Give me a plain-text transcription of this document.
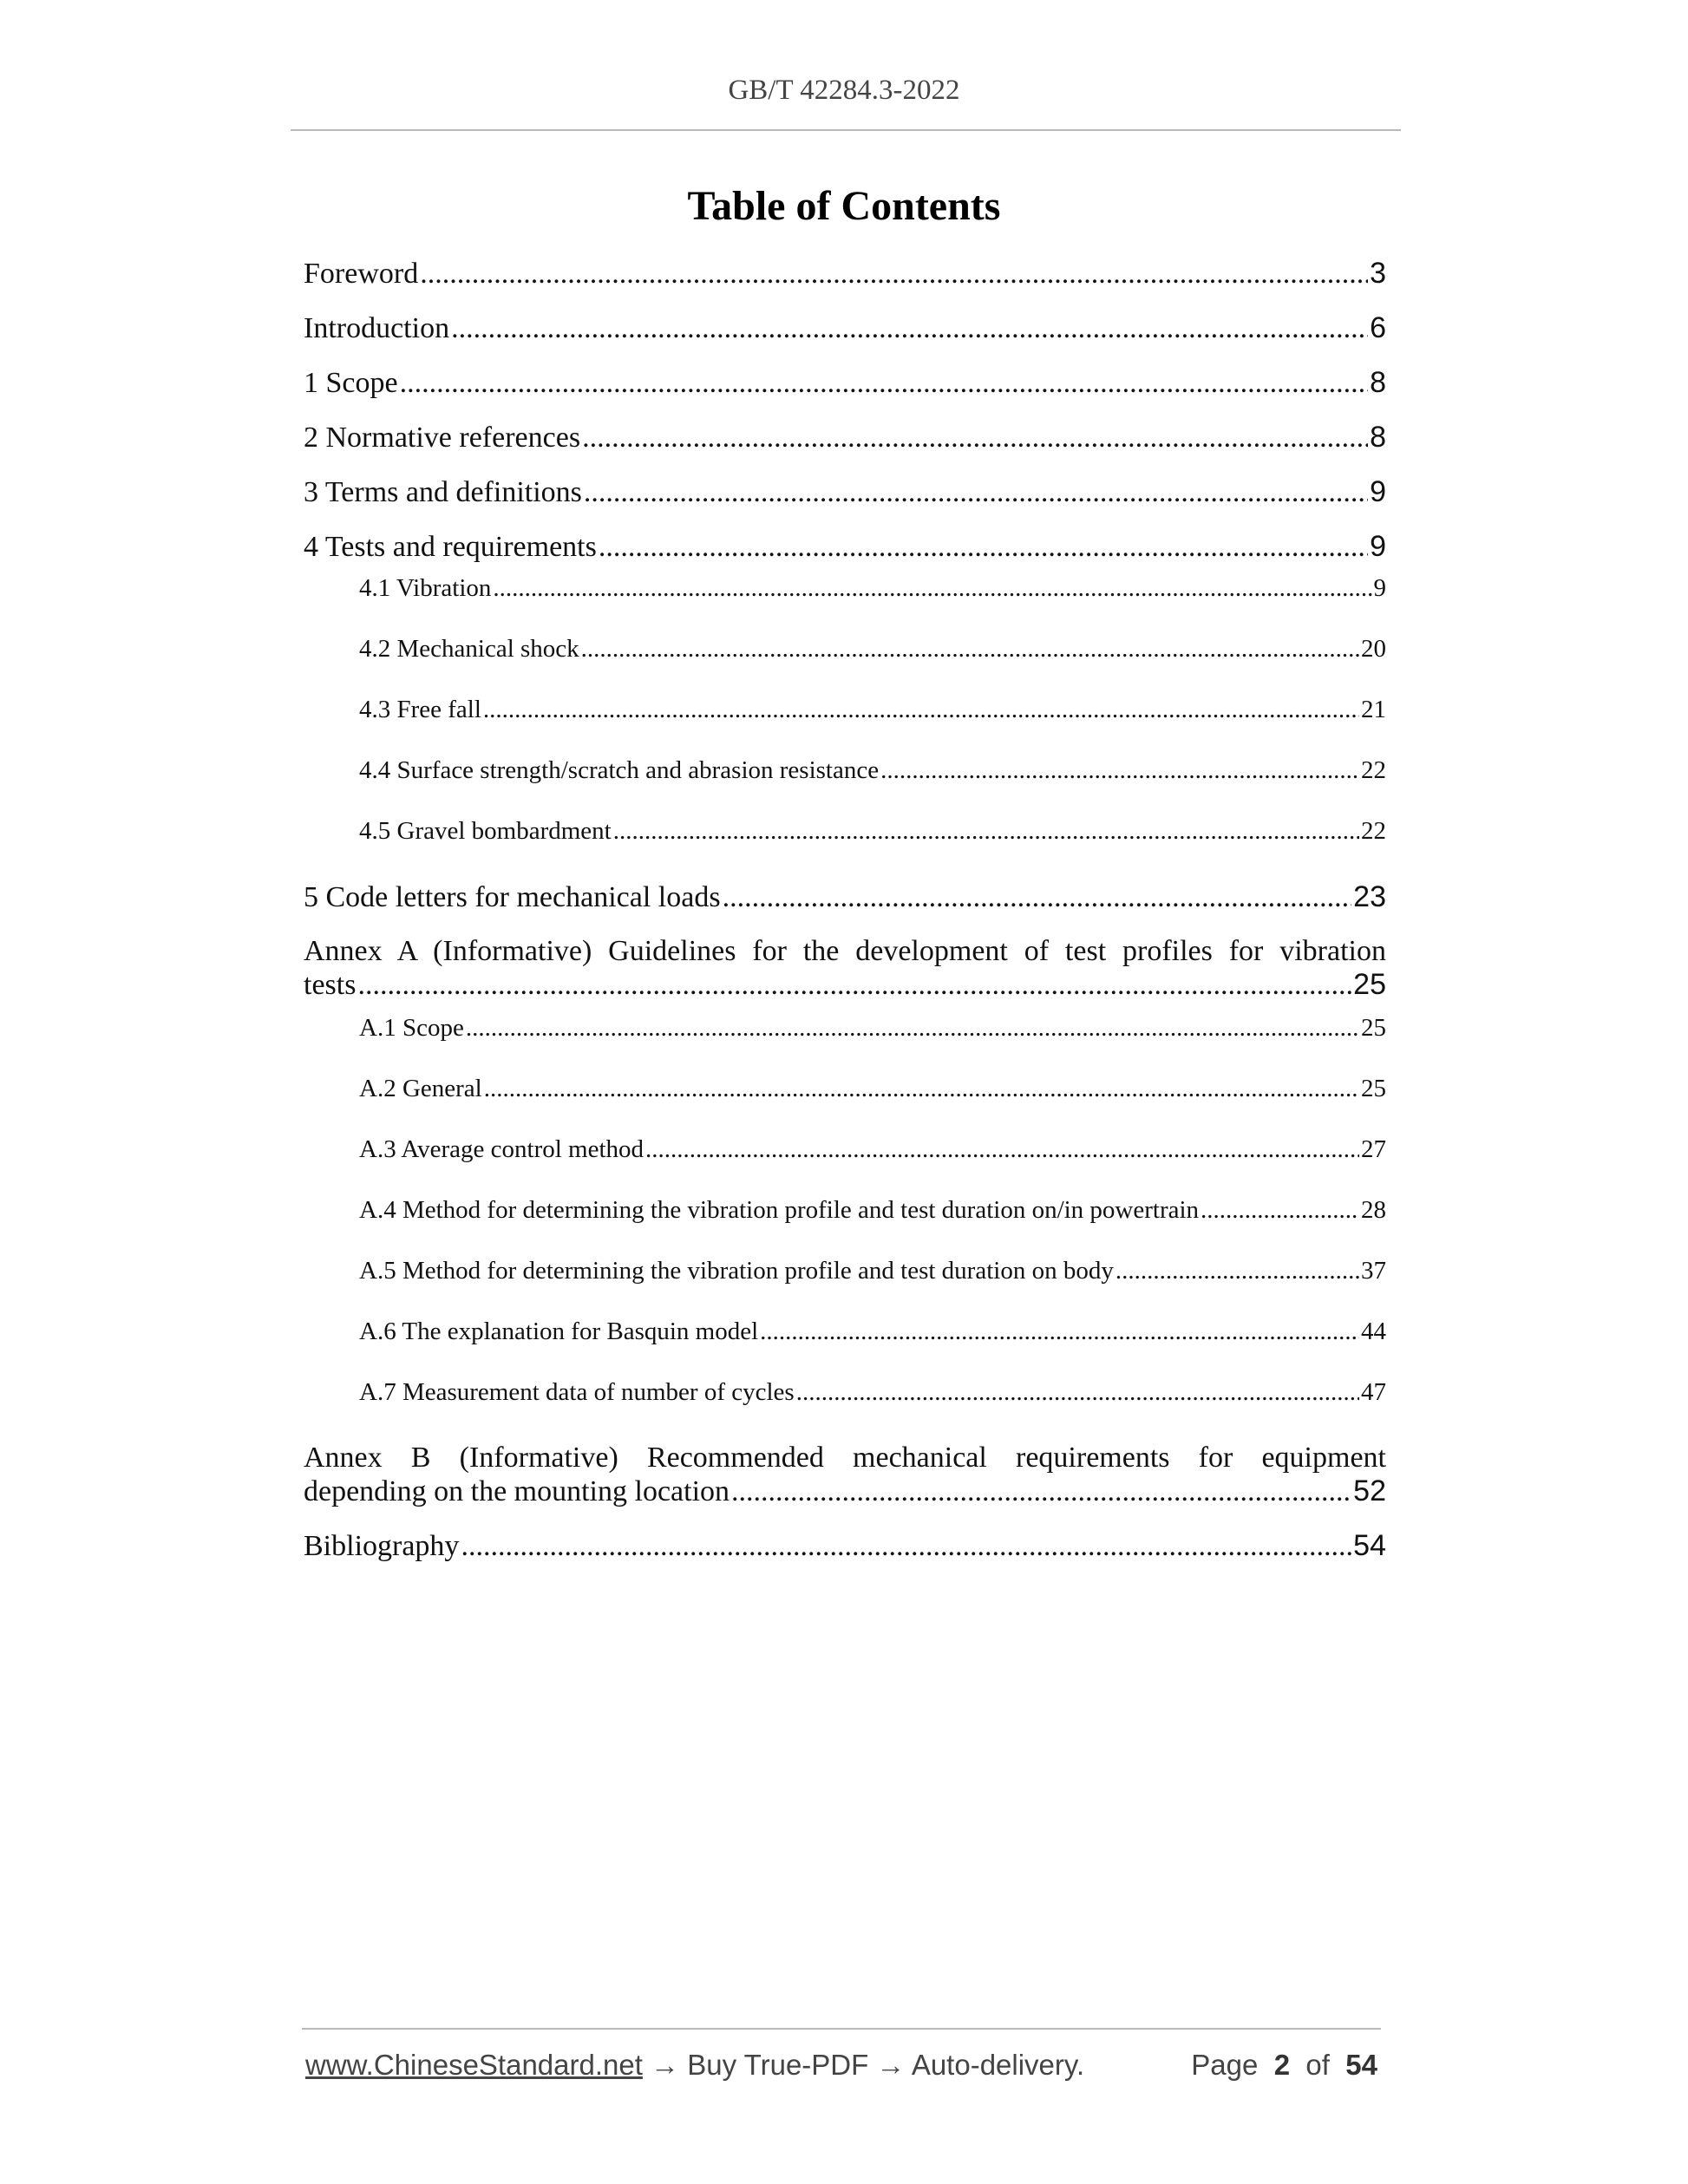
GB/T 42284.3-2022
Table of Contents
Foreword .....	3
Introduction .....	6
1 Scope .....	8
2 Normative references .....	8
3 Terms and definitions .....	9
4 Tests and requirements .....	9
4.1 Vibration .....	9
4.2 Mechanical shock .....	20
4.3 Free fall .....	21
4.4 Surface strength/scratch and abrasion resistance .....	22
4.5 Gravel bombardment .....	22
5 Code letters for mechanical loads .....	23
Annex A (Informative) Guidelines for the development of test profiles for vibration
tests .....	25
A.1 Scope .....	25
A.2 General .....	25
A.3 Average control method .....	27
A.4 Method for determining the vibration profile and test duration on/in powertrain .....	28
A.5 Method for determining the vibration profile and test duration on body .....	37
A.6 The explanation for Basquin model .....	44
A.7 Measurement data of number of cycles .....	47
Annex B (Informative) Recommended mechanical requirements for equipment
depending on the mounting location .....	52
Bibliography .....	54
www.ChineseStandard.net → Buy True-PDF → Auto-delivery.	Page 2 of 54
